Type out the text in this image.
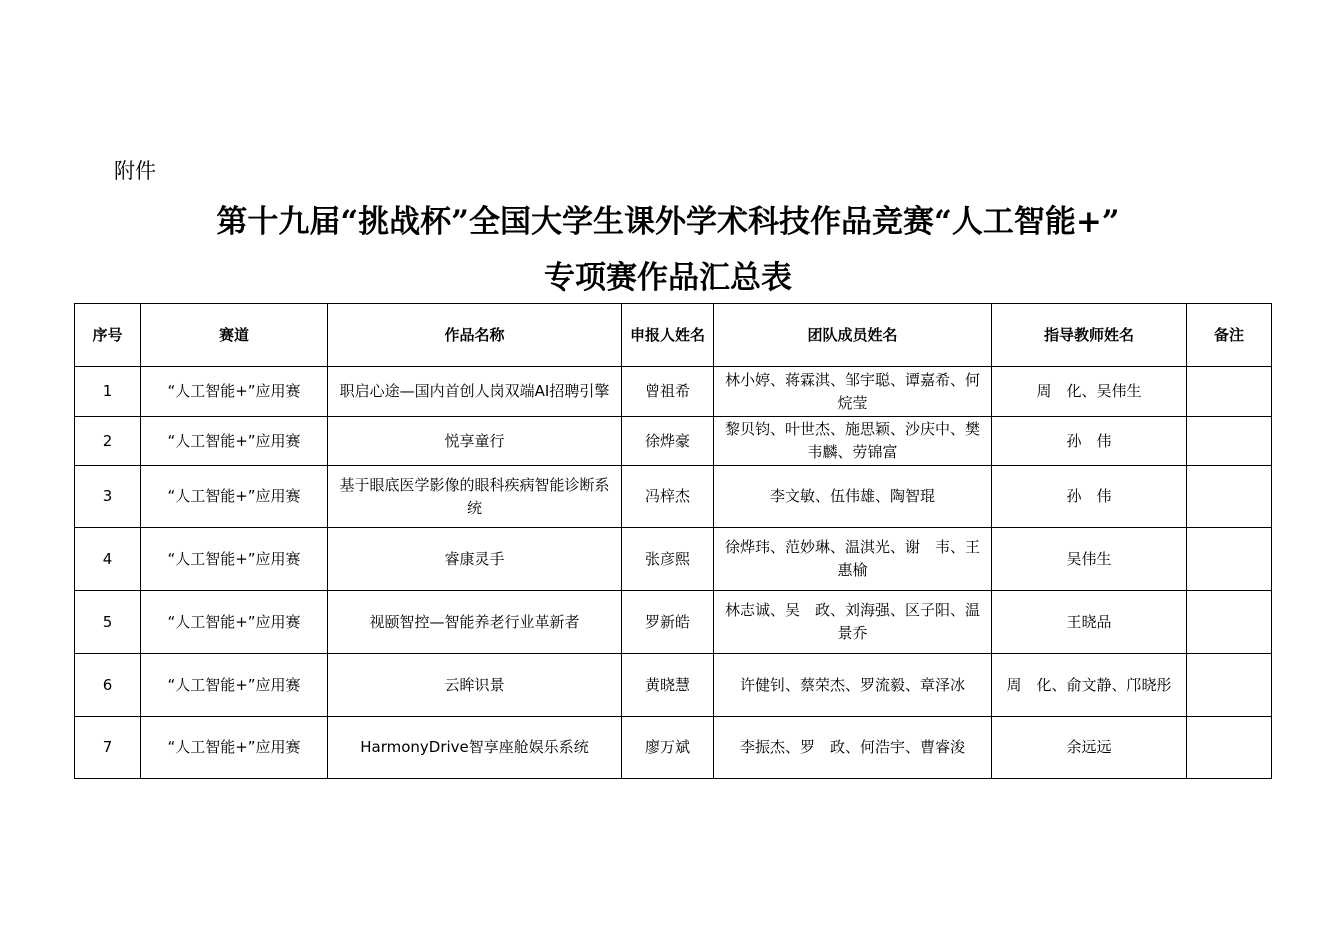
附件
第十九届“挑战杯”全国大学生课外学术科技作品竞赛“人工智能+”
专项赛作品汇总表
序号	赛道	作品名称	申报人姓名	团队成员姓名	指导教师姓名	备注
1	“人工智能+”应用赛	职启心途—国内首创人岗双端AI招聘引擎	曾祖希	林小婷、蒋霖淇、邹宇聪、谭嘉希、何烷莹	周　化、吴伟生	
2	“人工智能+”应用赛	悦享童行	徐烨豪	黎贝钧、叶世杰、施思颖、沙庆中、樊韦麟、劳锦富	孙　伟	
3	“人工智能+”应用赛	基于眼底医学影像的眼科疾病智能诊断系统	冯梓杰	李文敏、伍伟雄、陶智琨	孙　伟	
4	“人工智能+”应用赛	睿康灵手	张彦熙	徐烨玮、范妙琳、温淇光、谢　韦、王惠榆	吴伟生	
5	“人工智能+”应用赛	视颐智控—智能养老行业革新者	罗新皓	林志诚、吴　政、刘海强、区子阳、温景乔	王晓品	
6	“人工智能+”应用赛	云眸识景	黄晓慧	许健钊、蔡荣杰、罗流毅、章泽冰	周　化、俞文静、邝晓彤	
7	“人工智能+”应用赛	HarmonyDrive智享座舱娱乐系统	廖万斌	李振杰、罗　政、何浩宇、曹睿浚	余远远	
